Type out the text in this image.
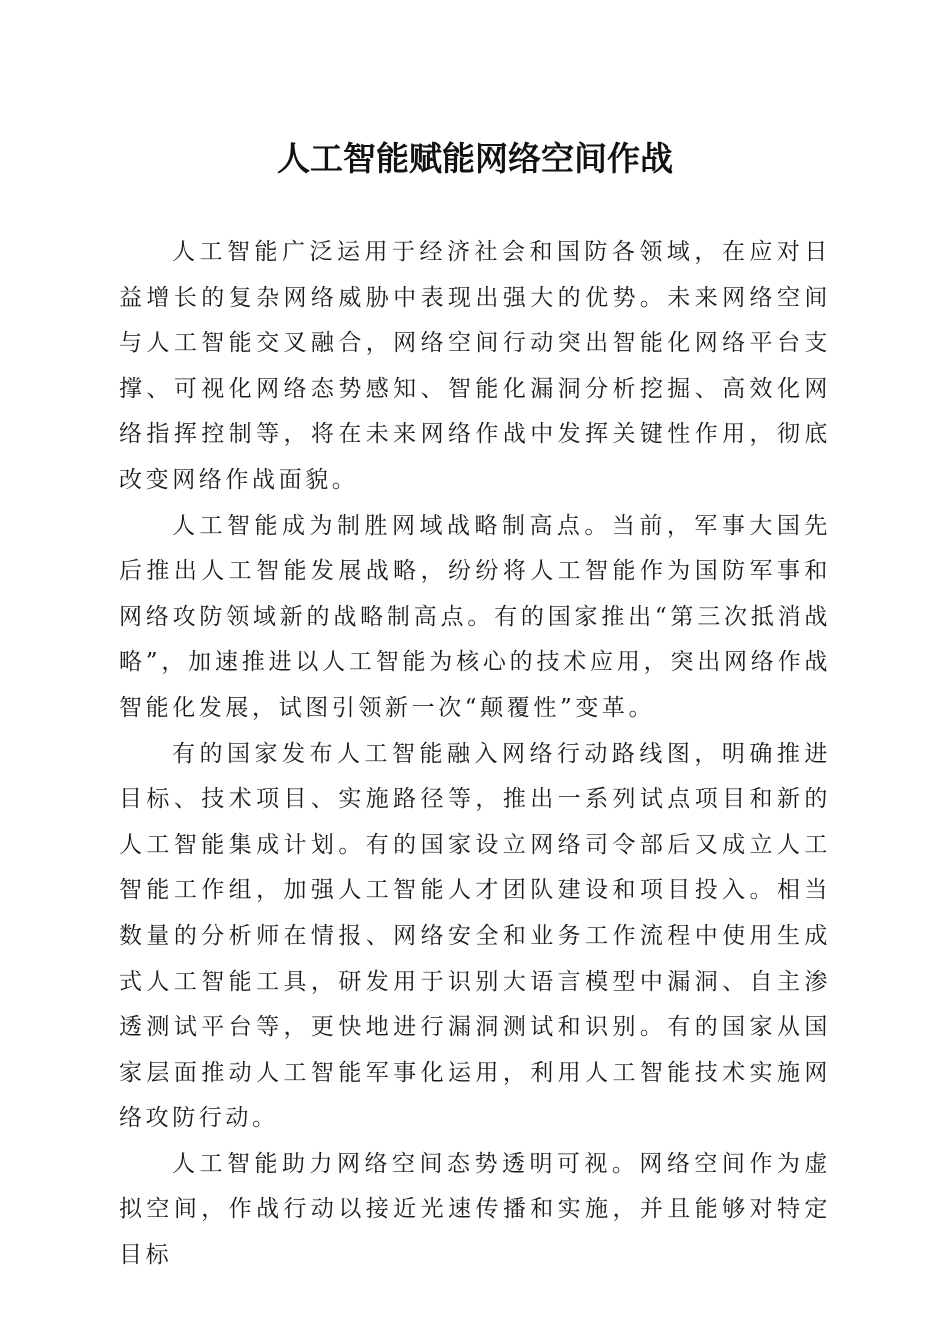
人工智能赋能网络空间作战

人工智能广泛运用于经济社会和国防各领域，在应对日益增长的复杂网络威胁中表现出强大的优势。未来网络空间与人工智能交叉融合，网络空间行动突出智能化网络平台支撑、可视化网络态势感知、智能化漏洞分析挖掘、高效化网络指挥控制等，将在未来网络作战中发挥关键性作用，彻底改变网络作战面貌。

人工智能成为制胜网域战略制高点。当前，军事大国先后推出人工智能发展战略，纷纷将人工智能作为国防军事和网络攻防领域新的战略制高点。有的国家推出“第三次抵消战略”，加速推进以人工智能为核心的技术应用，突出网络作战智能化发展，试图引领新一次“颠覆性”变革。

有的国家发布人工智能融入网络行动路线图，明确推进目标、技术项目、实施路径等，推出一系列试点项目和新的人工智能集成计划。有的国家设立网络司令部后又成立人工智能工作组，加强人工智能人才团队建设和项目投入。相当数量的分析师在情报、网络安全和业务工作流程中使用生成式人工智能工具，研发用于识别大语言模型中漏洞、自主渗透测试平台等，更快地进行漏洞测试和识别。有的国家从国家层面推动人工智能军事化运用，利用人工智能技术实施网络攻防行动。

人工智能助力网络空间态势透明可视。网络空间作为虚拟空间，作战行动以接近光速传播和实施，并且能够对特定目标
